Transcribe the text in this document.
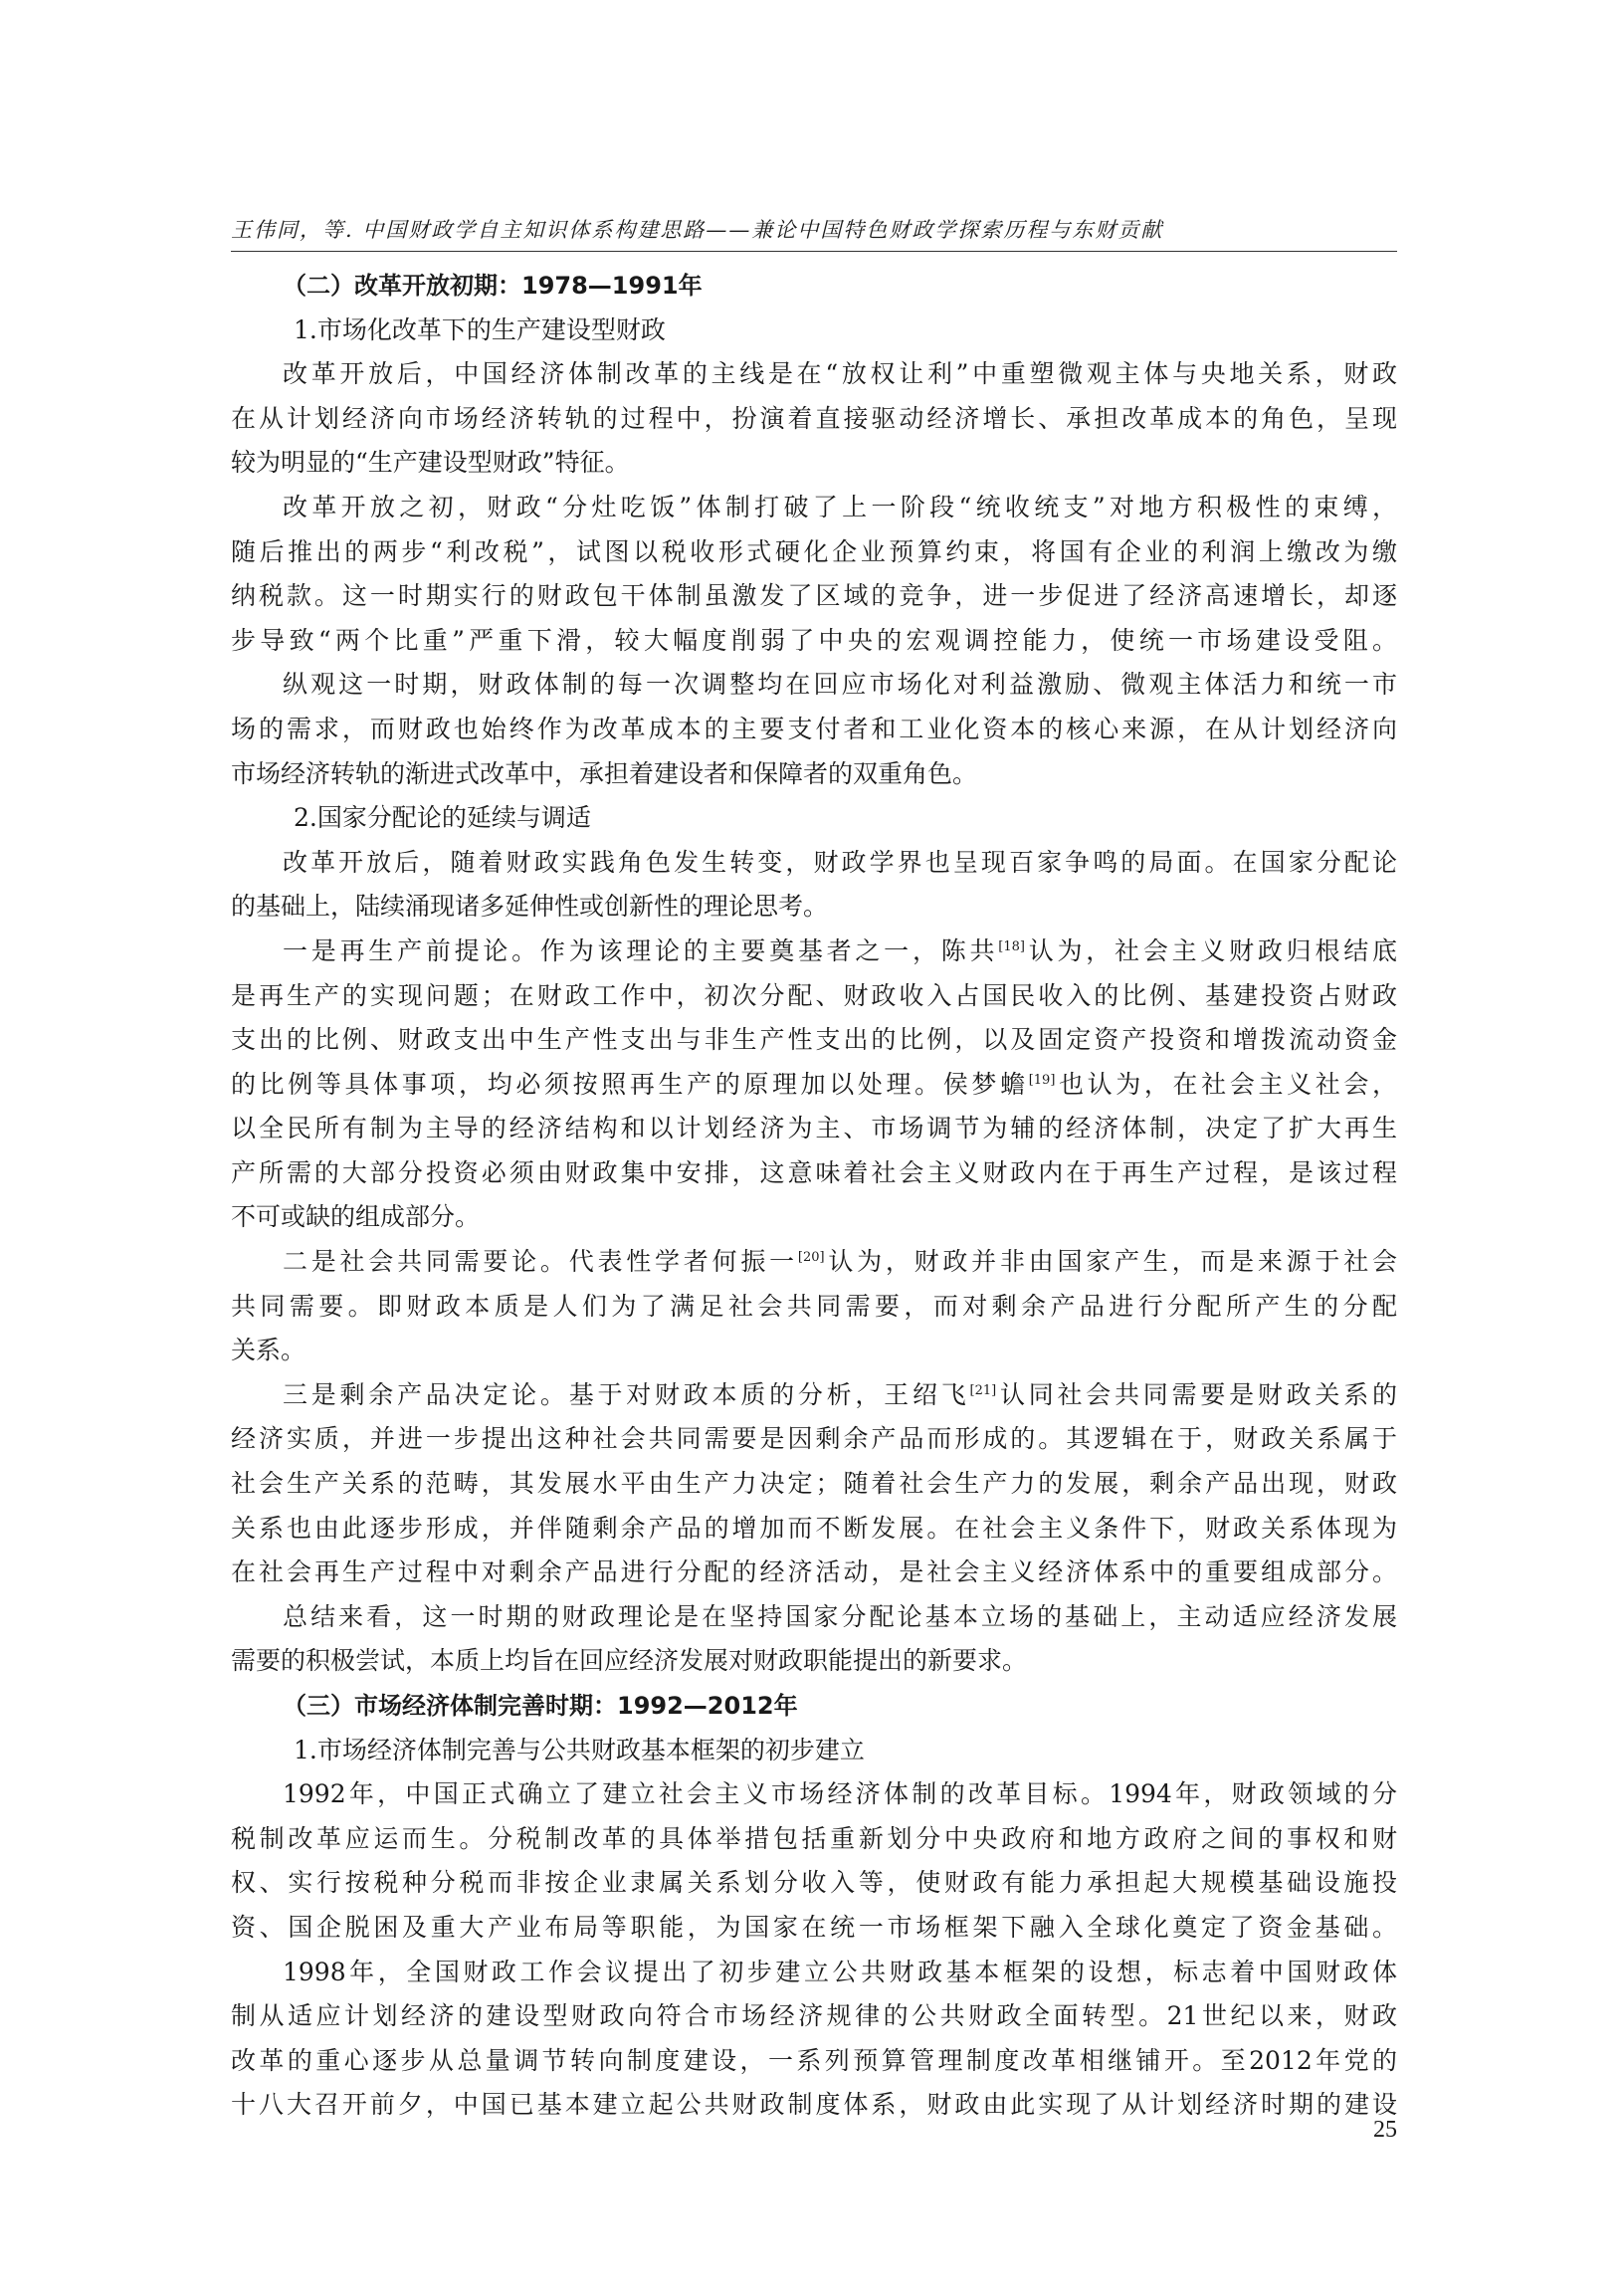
王伟同，等. 中国财政学自主知识体系构建思路——兼论中国特色财政学探索历程与东财贡献
（二）改革开放初期：1978—1991年
1.市场化改革下的生产建设型财政
改革开放后，中国经济体制改革的主线是在“放权让利”中重塑微观主体与央地关系，财政
在从计划经济向市场经济转轨的过程中，扮演着直接驱动经济增长、承担改革成本的角色，呈现
较为明显的“生产建设型财政”特征。
改革开放之初，财政“分灶吃饭”体制打破了上一阶段“统收统支”对地方积极性的束缚，
随后推出的两步“利改税”，试图以税收形式硬化企业预算约束，将国有企业的利润上缴改为缴
纳税款。这一时期实行的财政包干体制虽激发了区域的竞争，进一步促进了经济高速增长，却逐
步导致“两个比重”严重下滑，较大幅度削弱了中央的宏观调控能力，使统一市场建设受阻。
纵观这一时期，财政体制的每一次调整均在回应市场化对利益激励、微观主体活力和统一市
场的需求，而财政也始终作为改革成本的主要支付者和工业化资本的核心来源，在从计划经济向
市场经济转轨的渐进式改革中，承担着建设者和保障者的双重角色。
2.国家分配论的延续与调适
改革开放后，随着财政实践角色发生转变，财政学界也呈现百家争鸣的局面。在国家分配论
的基础上，陆续涌现诸多延伸性或创新性的理论思考。
一是再生产前提论。作为该理论的主要奠基者之一，陈共[18]认为，社会主义财政归根结底
是再生产的实现问题；在财政工作中，初次分配、财政收入占国民收入的比例、基建投资占财政
支出的比例、财政支出中生产性支出与非生产性支出的比例，以及固定资产投资和增拨流动资金
的比例等具体事项，均必须按照再生产的原理加以处理。侯梦蟾[19]也认为，在社会主义社会，
以全民所有制为主导的经济结构和以计划经济为主、市场调节为辅的经济体制，决定了扩大再生
产所需的大部分投资必须由财政集中安排，这意味着社会主义财政内在于再生产过程，是该过程
不可或缺的组成部分。
二是社会共同需要论。代表性学者何振一[20]认为，财政并非由国家产生，而是来源于社会
共同需要。即财政本质是人们为了满足社会共同需要，而对剩余产品进行分配所产生的分配
关系。
三是剩余产品决定论。基于对财政本质的分析，王绍飞[21]认同社会共同需要是财政关系的
经济实质，并进一步提出这种社会共同需要是因剩余产品而形成的。其逻辑在于，财政关系属于
社会生产关系的范畴，其发展水平由生产力决定；随着社会生产力的发展，剩余产品出现，财政
关系也由此逐步形成，并伴随剩余产品的增加而不断发展。在社会主义条件下，财政关系体现为
在社会再生产过程中对剩余产品进行分配的经济活动，是社会主义经济体系中的重要组成部分。
总结来看，这一时期的财政理论是在坚持国家分配论基本立场的基础上，主动适应经济发展
需要的积极尝试，本质上均旨在回应经济发展对财政职能提出的新要求。
（三）市场经济体制完善时期：1992—2012年
1.市场经济体制完善与公共财政基本框架的初步建立
1992年，中国正式确立了建立社会主义市场经济体制的改革目标。1994年，财政领域的分
税制改革应运而生。分税制改革的具体举措包括重新划分中央政府和地方政府之间的事权和财
权、实行按税种分税而非按企业隶属关系划分收入等，使财政有能力承担起大规模基础设施投
资、国企脱困及重大产业布局等职能，为国家在统一市场框架下融入全球化奠定了资金基础。
1998年，全国财政工作会议提出了初步建立公共财政基本框架的设想，标志着中国财政体
制从适应计划经济的建设型财政向符合市场经济规律的公共财政全面转型。21世纪以来，财政
改革的重心逐步从总量调节转向制度建设，一系列预算管理制度改革相继铺开。至2012年党的
十八大召开前夕，中国已基本建立起公共财政制度体系，财政由此实现了从计划经济时期的建设
25
